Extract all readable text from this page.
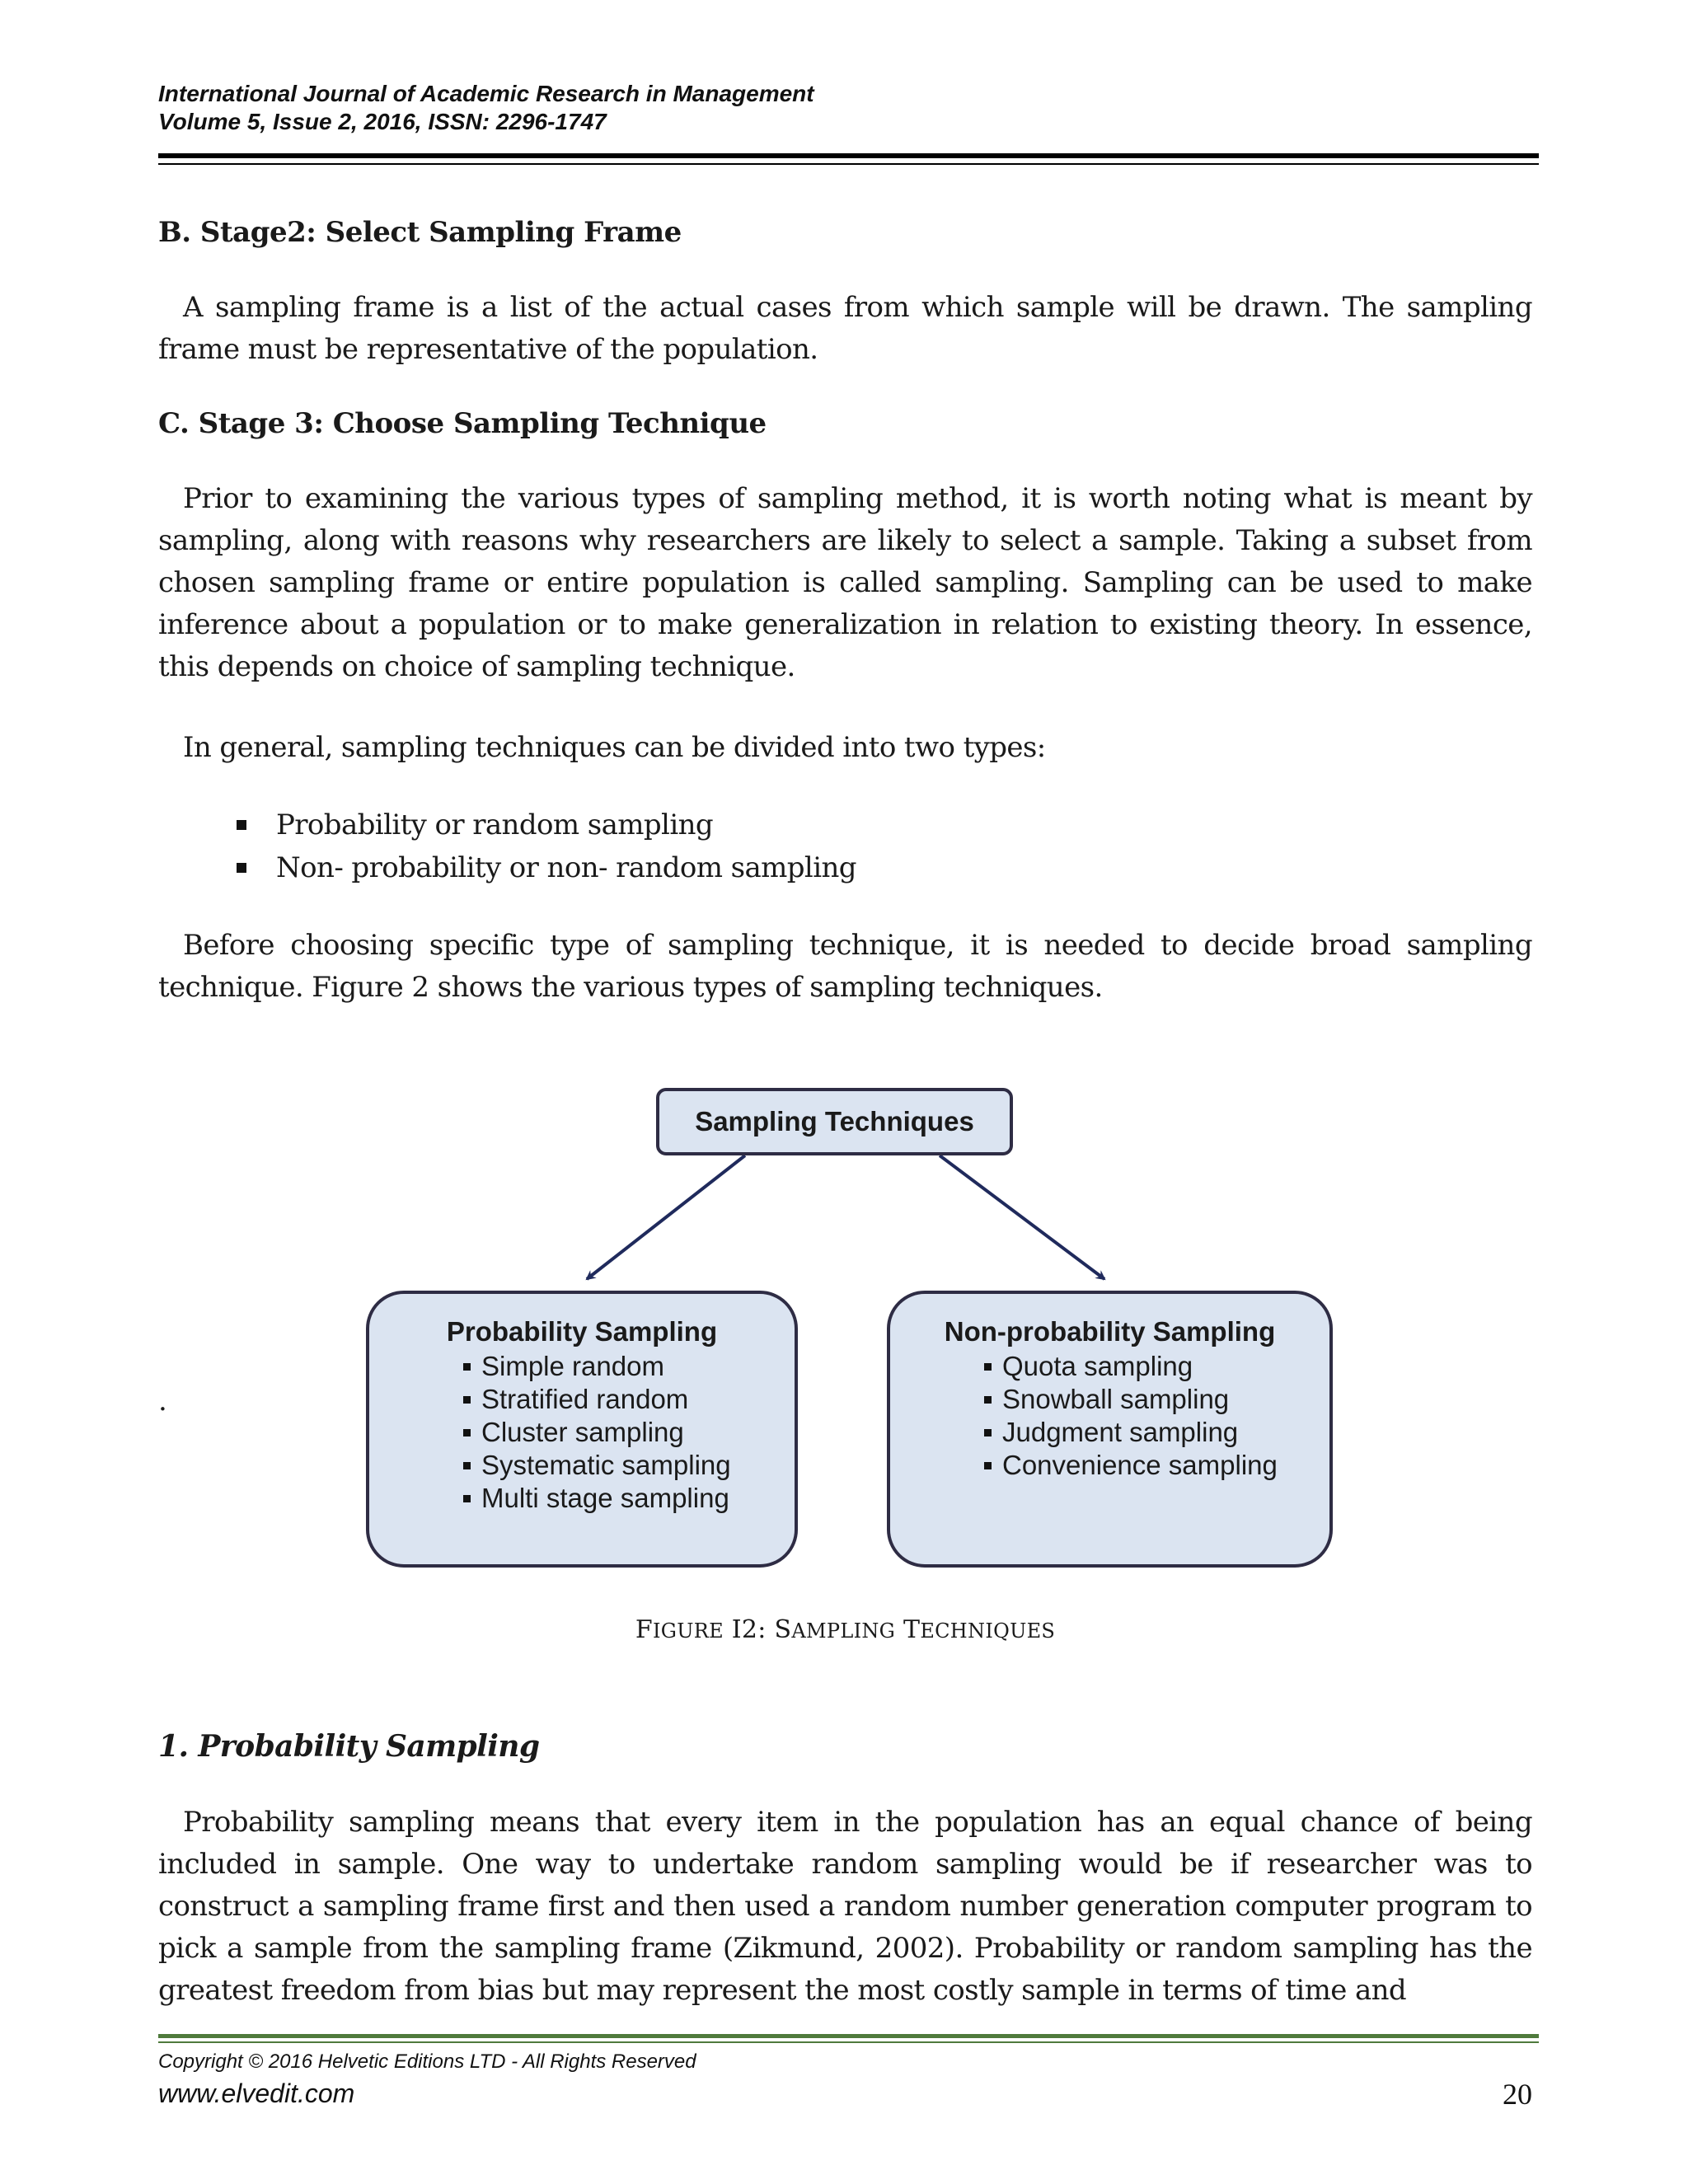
International Journal of Academic Research in Management
Volume 5, Issue 2, 2016, ISSN: 2296-1747
B. Stage2: Select Sampling Frame

A sampling frame is a list of the actual cases from which sample will be drawn. The sampling frame must be representative of the population.

C. Stage 3: Choose Sampling Technique

Prior to examining the various types of sampling method, it is worth noting what is meant by sampling, along with reasons why researchers are likely to select a sample. Taking a subset from chosen sampling frame or entire population is called sampling. Sampling can be used to make inference about a population or to make generalization in relation to existing theory. In essence, this depends on choice of sampling technique.

In general, sampling techniques can be divided into two types:

Probability or random sampling
Non- probability or non- random sampling

Before choosing specific type of sampling technique, it is needed to decide broad sampling technique. Figure 2 shows the various types of sampling techniques.

.
Sampling Techniques
Probability Sampling
Simple random
Stratified random
Cluster sampling
Systematic sampling
Multi stage sampling
Non-probability Sampling
Quota sampling
Snowball sampling
Judgment sampling
Convenience sampling
FIGURE I2: SAMPLING TECHNIQUES
1. Probability Sampling

Probability sampling means that every item in the population has an equal chance of being included in sample. One way to undertake random sampling would be if researcher was to construct a sampling frame first and then used a random number generation computer program to pick a sample from the sampling frame (Zikmund, 2002). Probability or random sampling has the greatest freedom from bias but may represent the most costly sample in terms of time and

Copyright © 2016 Helvetic Editions LTD - All Rights Reserved
www.elvedit.com	20
